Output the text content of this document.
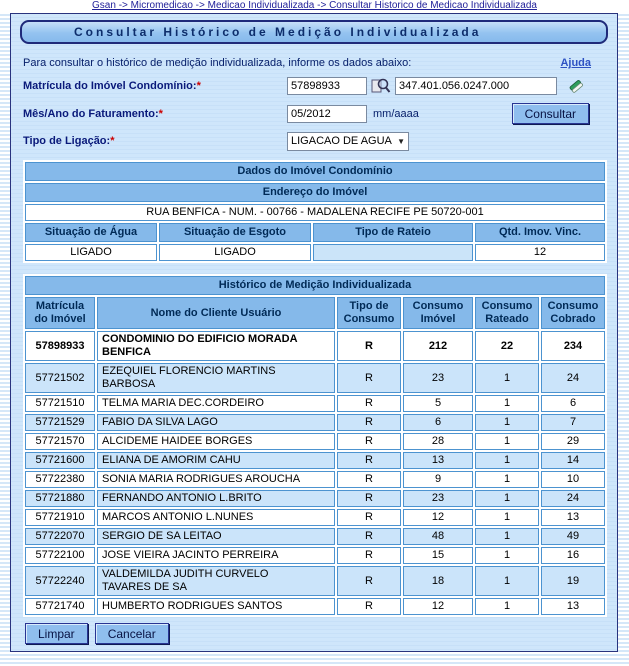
Gsan -> Micromedicao -> Medicao Individualizada -> Consultar Historico de Medicao Individualizada
Consultar Histórico de Medição Individualizada
Para consultar o histórico de medição individualizada, informe os dados abaixo:	Ajuda
Matrícula do Imóvel Condomínio:*
57898933
347.401.056.0247.000
Mês/Ano do Faturamento:*
05/2012	mm/aaaa	Consultar
Tipo de Ligação:*	LIGACAO DE AGUA ▼
Dados do Imóvel Condomínio			
Endereço do Imóvel			
RUA BENFICA - NUM. - 00766 - MADALENA RECIFE PE 50720-001			
Situação de Água	Situação de Esgoto	Tipo de Rateio	Qtd. Imov. Vinc.
LIGADO	LIGADO		12
Histórico de Medição Individualizada					
Matrícula do Imóvel	Nome do Cliente Usuário	Tipo de Consumo	Consumo Imóvel	Consumo Rateado	Consumo Cobrado
57898933	CONDOMINIO DO EDIFICIO MORADA BENFICA	R	212	22	234
57721502	EZEQUIEL FLORENCIO MARTINS BARBOSA	R	23	1	24
57721510	TELMA MARIA DEC.CORDEIRO	R	5	1	6
57721529	FABIO DA SILVA LAGO	R	6	1	7
57721570	ALCIDEME HAIDEE BORGES	R	28	1	29
57721600	ELIANA DE AMORIM CAHU	R	13	1	14
57722380	SONIA MARIA RODRIGUES AROUCHA	R	9	1	10
57721880	FERNANDO ANTONIO L.BRITO	R	23	1	24
57721910	MARCOS ANTONIO L.NUNES	R	12	1	13
57722070	SERGIO DE SA LEITAO	R	48	1	49
57722100	JOSE VIEIRA JACINTO PERREIRA	R	15	1	16
57722240	VALDEMILDA JUDITH CURVELO TAVARES DE SA	R	18	1	19
57721740	HUMBERTO RODRIGUES SANTOS	R	12	1	13
Limpar	Cancelar
